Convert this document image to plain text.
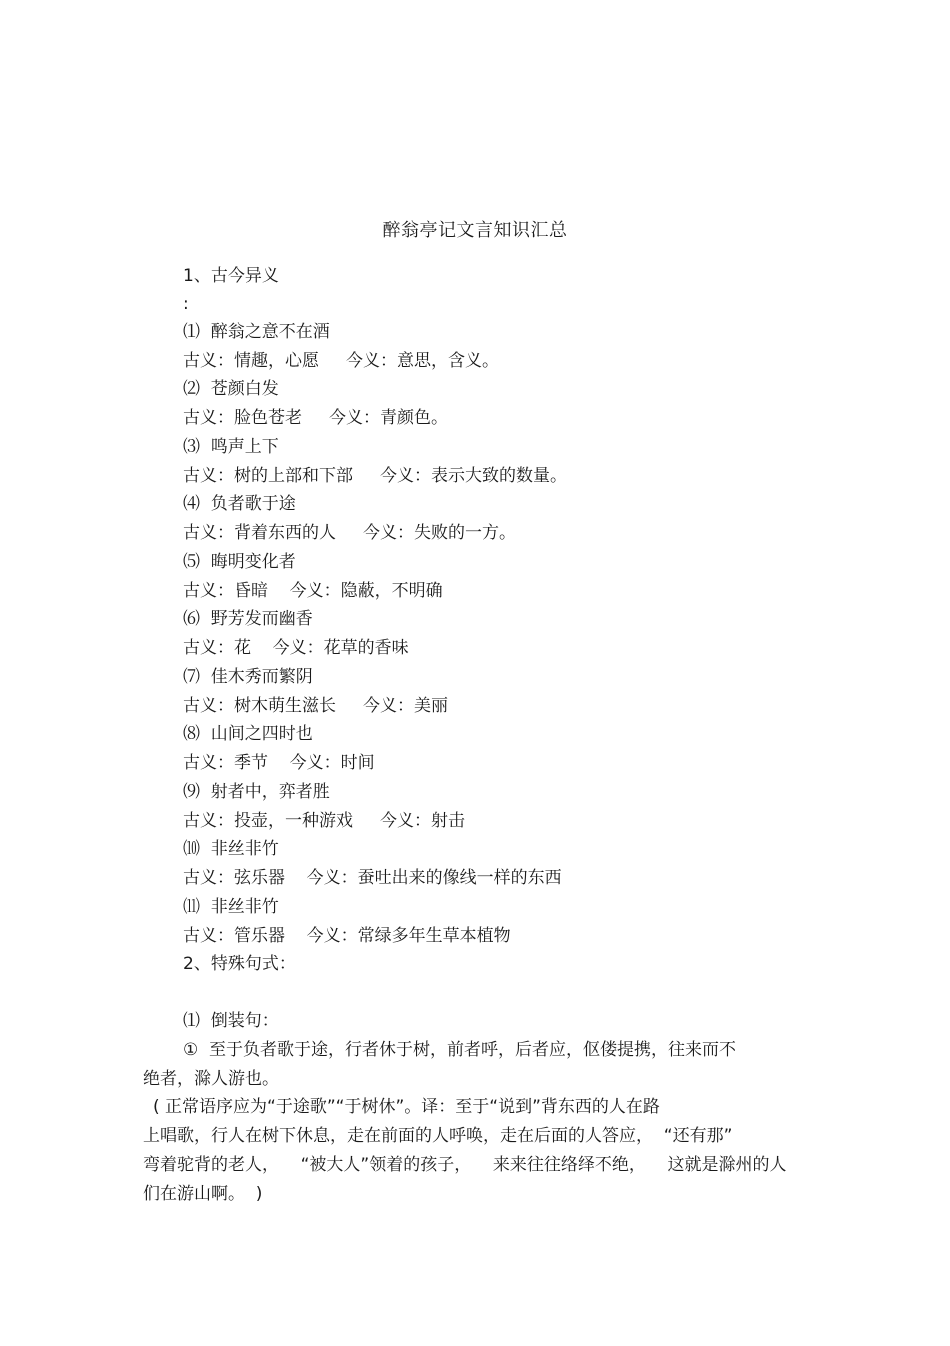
醉翁亭记文言知识汇总
1、古今异义
:
⑴  醉翁之意不在酒
古义：情趣，心愿     今义：意思，含义。
⑵  苍颜白发
古义：脸色苍老     今义：青颜色。
⑶  鸣声上下
古义：树的上部和下部     今义：表示大致的数量。
⑷  负者歌于途
古义：背着东西的人     今义：失败的一方。
⑸  晦明变化者
古义：昏暗    今义：隐蔽，不明确
⑹  野芳发而幽香
古义：花    今义：花草的香味
⑺  佳木秀而繁阴
古义：树木萌生滋长     今义：美丽
⑻  山间之四时也
古义：季节    今义：时间
⑼  射者中，弈者胜
古义：投壶，一种游戏     今义：射击
⑽  非丝非竹
古义：弦乐器    今义：蚕吐出来的像线一样的东西
⑾  非丝非竹
古义：管乐器    今义：常绿多年生草本植物
2、特殊句式：
⑴  倒装句：
①  至于负者歌于途，行者休于树，前者呼，后者应，伛偻提携，往来而不
绝者，滁人游也。
( 正常语序应为“于途歌”“于树休”。译：至于“说到”背东西的人在路
上唱歌，行人在树下休息，走在前面的人呼唤，走在后面的人答应，  “还有那”
弯着驼背的老人，    “被大人”领着的孩子，    来来往往络绎不绝，    这就是滁州的人
们在游山啊。  )
